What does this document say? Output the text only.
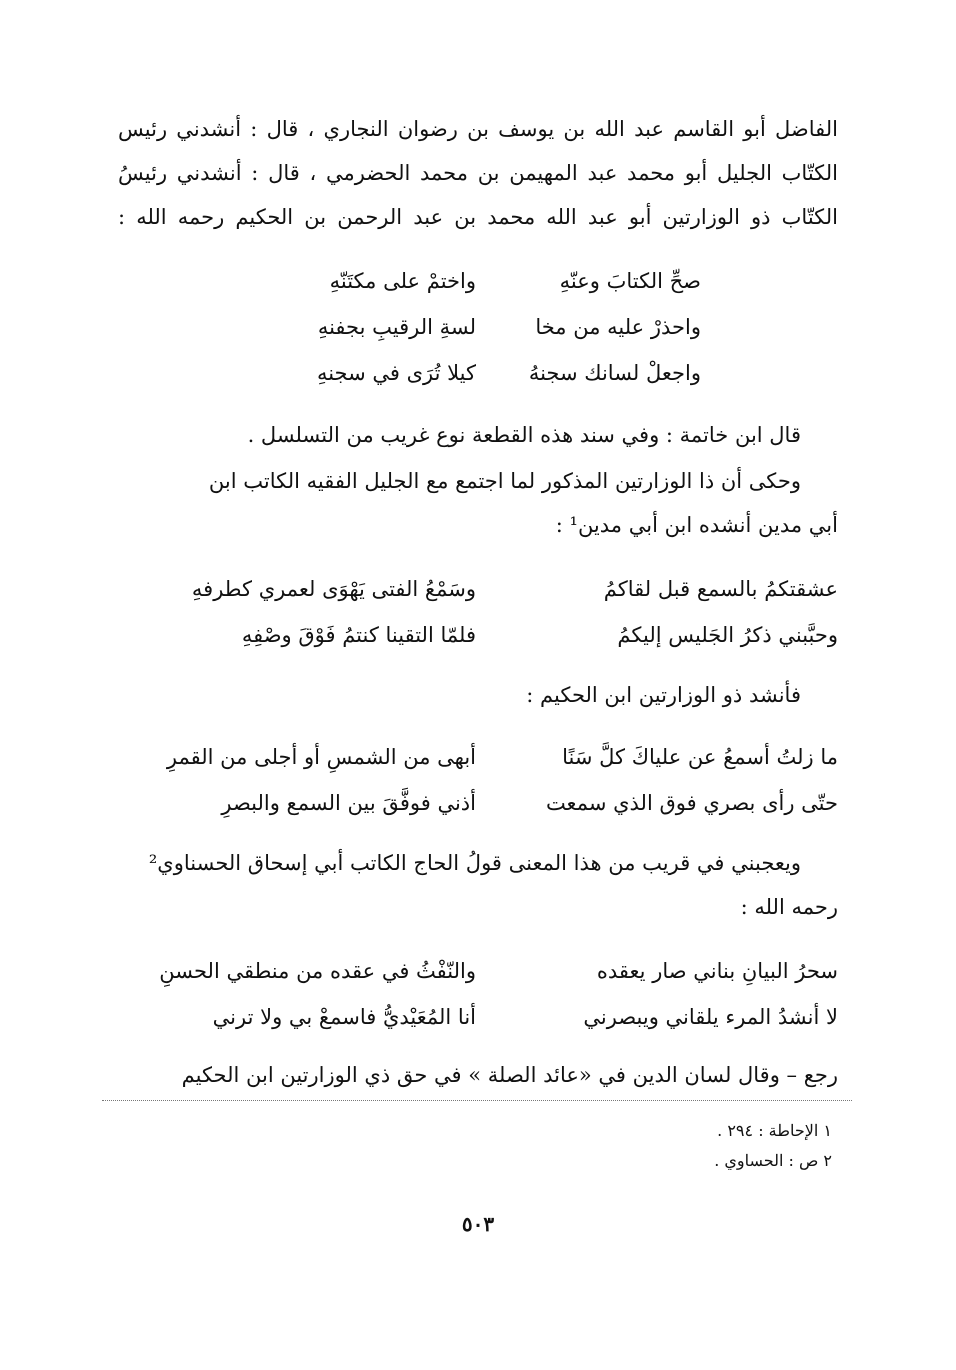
الفاضل أبو القاسم عبد الله بن يوسف بن رضوان النجاري ، قال : أنشدني رئيس
الكتّاب الجليل أبو محمد عبد المهيمن بن محمد الحضرمي ، قال : أنشدني رئيسُ
الكتّاب ذو الوزارتين أبو عبد الله محمد بن عبد الرحمن بن الحكيم رحمه الله :
صحِّ الكتابَ وعنّهِ
واختمْ على مكتَنّهِ
واحذرْ عليه من مخا
لسةِ الرقيبِ بجفنهِ
واجعلْ لسانك سجنهُ
كيلا تُرَى في سجنهِ
قال ابن خاتمة : وفي سند هذه القطعة نوع غريب من التسلسل .
وحكى أن ذا الوزارتين المذكور لما اجتمع مع الجليل الفقيه الكاتب ابن
أبي مدين أنشده ابن أبي مدين¹ :
عشقتكمُ بالسمع قبل لقاكمُ
وسَمْعُ الفتى يَهْوَى لعمري كطرفهِ
وحبَّبني ذكرُ الجَليس إليكمُ
فلمّا التقينا كنتمُ فَوْقَ وصْفِهِ
فأنشد ذو الوزارتين ابن الحكيم :
ما زلتُ أسمعُ عن علياكَ كلَّ سَنًا
أبهى من الشمسِ أو أجلى من القمرِ
حتّى رأى بصري فوق الذي سمعت
أذني فوفَّقَ بين السمع والبصرِ
ويعجبني في قريب من هذا المعنى قولُ الحاج الكاتب أبي إسحاق الحسناوي²
رحمه الله :
سحرُ البيانِ بناني صار يعقده
والنّفْثُ في عقده من منطقي الحسنِ
لا أنشدُ المرء يلقاني ويبصرني
أنا المُعَيْديُّ فاسمعْ بي ولا ترني
رجع – وقال لسان الدين في «عائد الصلة » في حق ذي الوزارتين ابن الحكيم
١ الإحاطة : ٢٩٤ .
٢ ص : الحساوي .
٥٠٣
